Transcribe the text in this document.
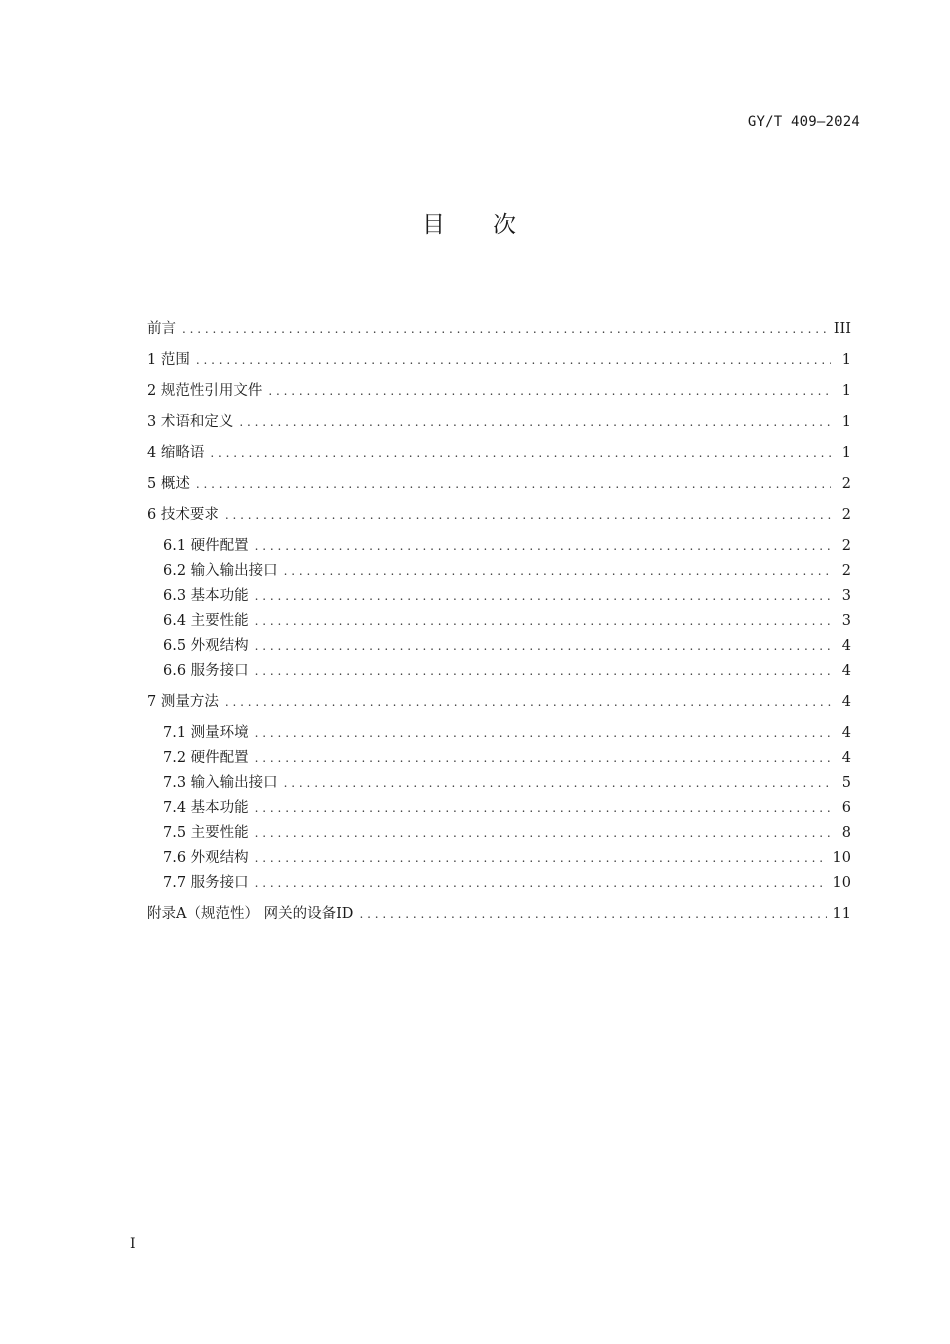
GY/T 409—2024
目次
前言 . . .	III
1 范围 . . .	1
2 规范性引用文件 . . .	1
3 术语和定义 . . .	1
4 缩略语 . . .	1
5 概述 . . .	2
6 技术要求 . . .	2
6.1 硬件配置 . . .	2
6.2 输入输出接口 . . .	2
6.3 基本功能 . . .	3
6.4 主要性能 . . .	3
6.5 外观结构 . . .	4
6.6 服务接口 . . .	4
7 测量方法 . . .	4
7.1 测量环境 . . .	4
7.2 硬件配置 . . .	4
7.3 输入输出接口 . . .	5
7.4 基本功能 . . .	6
7.5 主要性能 . . .	8
7.6 外观结构 . . .	10
7.7 服务接口 . . .	10
附录A（规范性） 网关的设备ID . . .	11
I
